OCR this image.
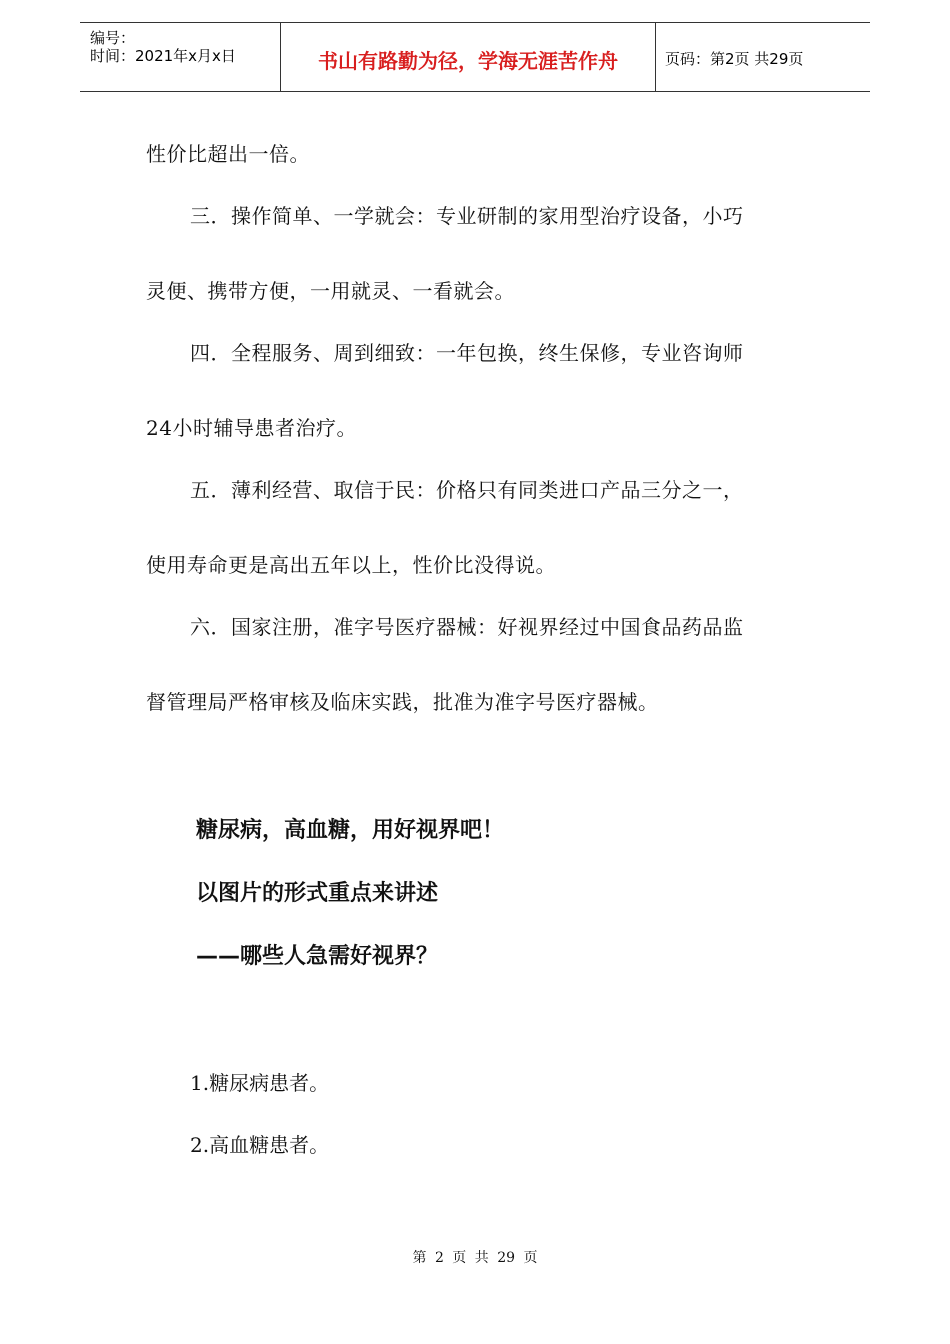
编号：
时间：2021年x月x日	书山有路勤为径，学海无涯苦作舟	页码：第2页 共29页
性价比超出一倍。
三．操作简单、一学就会：专业研制的家用型治疗设备，小巧
灵便、携带方便，一用就灵、一看就会。
四．全程服务、周到细致：一年包换，终生保修，专业咨询师
24小时辅导患者治疗。
五．薄利经营、取信于民：价格只有同类进口产品三分之一，
使用寿命更是高出五年以上，性价比没得说。
六．国家注册，准字号医疗器械：好视界经过中国食品药品监
督管理局严格审核及临床实践，批准为准字号医疗器械。
糖尿病，高血糖，用好视界吧！
以图片的形式重点来讲述
——哪些人急需好视界？
1.糖尿病患者。
2.高血糖患者。
第 2 页 共 29 页
